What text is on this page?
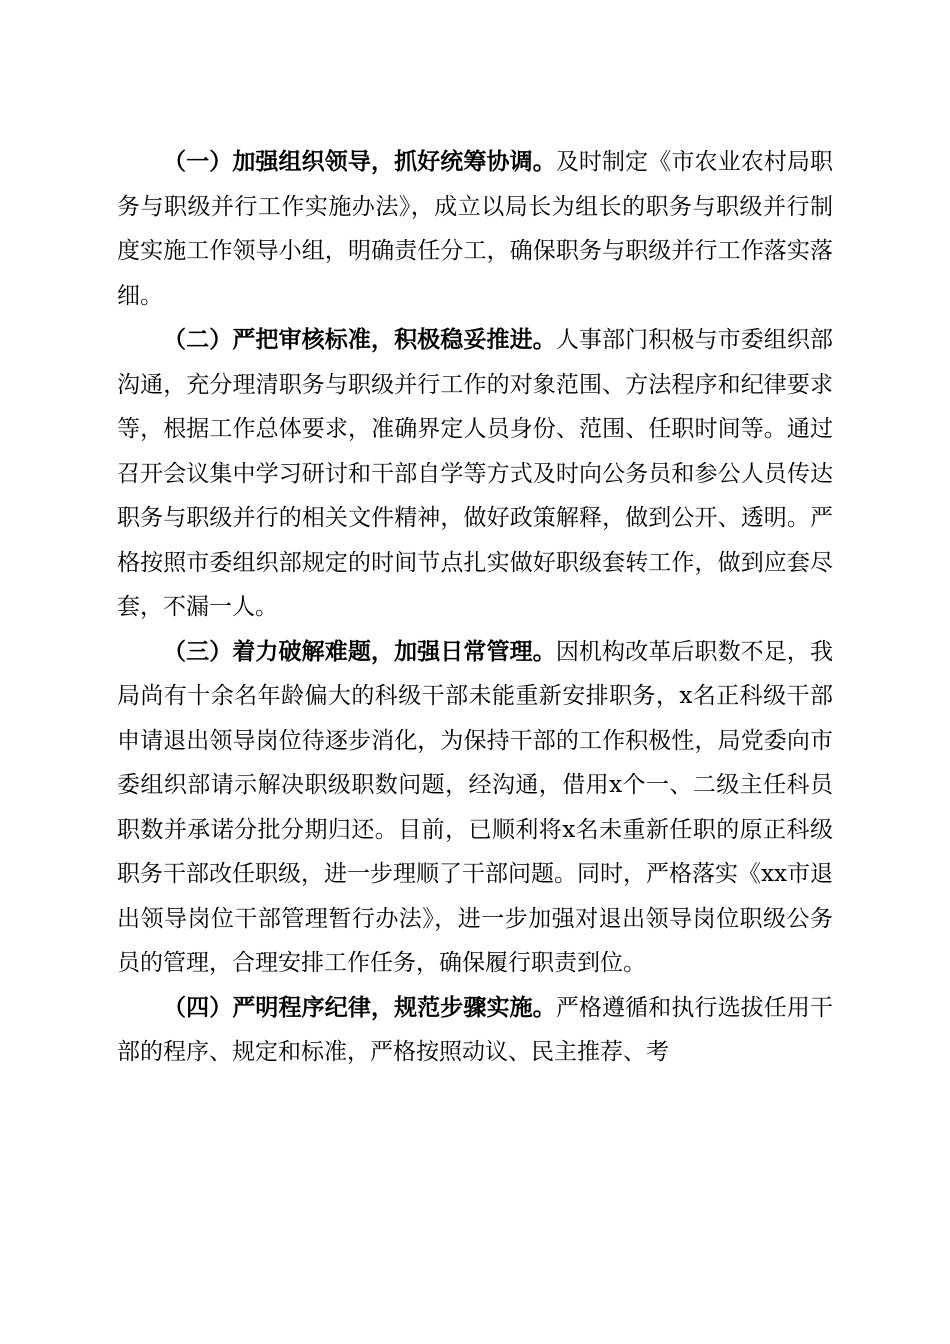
（一）加强组织领导，抓好统筹协调。及时制定《市农业农村局职务与职级并行工作实施办法》，成立以局长为组长的职务与职级并行制度实施工作领导小组，明确责任分工，确保职务与职级并行工作落实落细。

（二）严把审核标准，积极稳妥推进。人事部门积极与市委组织部沟通，充分理清职务与职级并行工作的对象范围、方法程序和纪律要求等，根据工作总体要求，准确界定人员身份、范围、任职时间等。通过召开会议集中学习研讨和干部自学等方式及时向公务员和参公人员传达职务与职级并行的相关文件精神，做好政策解释，做到公开、透明。严格按照市委组织部规定的时间节点扎实做好职级套转工作，做到应套尽套，不漏一人。

（三）着力破解难题，加强日常管理。因机构改革后职数不足，我局尚有十余名年龄偏大的科级干部未能重新安排职务，x名正科级干部申请退出领导岗位待逐步消化，为保持干部的工作积极性，局党委向市委组织部请示解决职级职数问题，经沟通，借用x个一、二级主任科员职数并承诺分批分期归还。目前，已顺利将x名未重新任职的原正科级职务干部改任职级，进一步理顺了干部问题。同时，严格落实《xx市退出领导岗位干部管理暂行办法》，进一步加强对退出领导岗位职级公务员的管理，合理安排工作任务，确保履行职责到位。

（四）严明程序纪律，规范步骤实施。严格遵循和执行选拔任用干部的程序、规定和标准，严格按照动议、民主推荐、考
